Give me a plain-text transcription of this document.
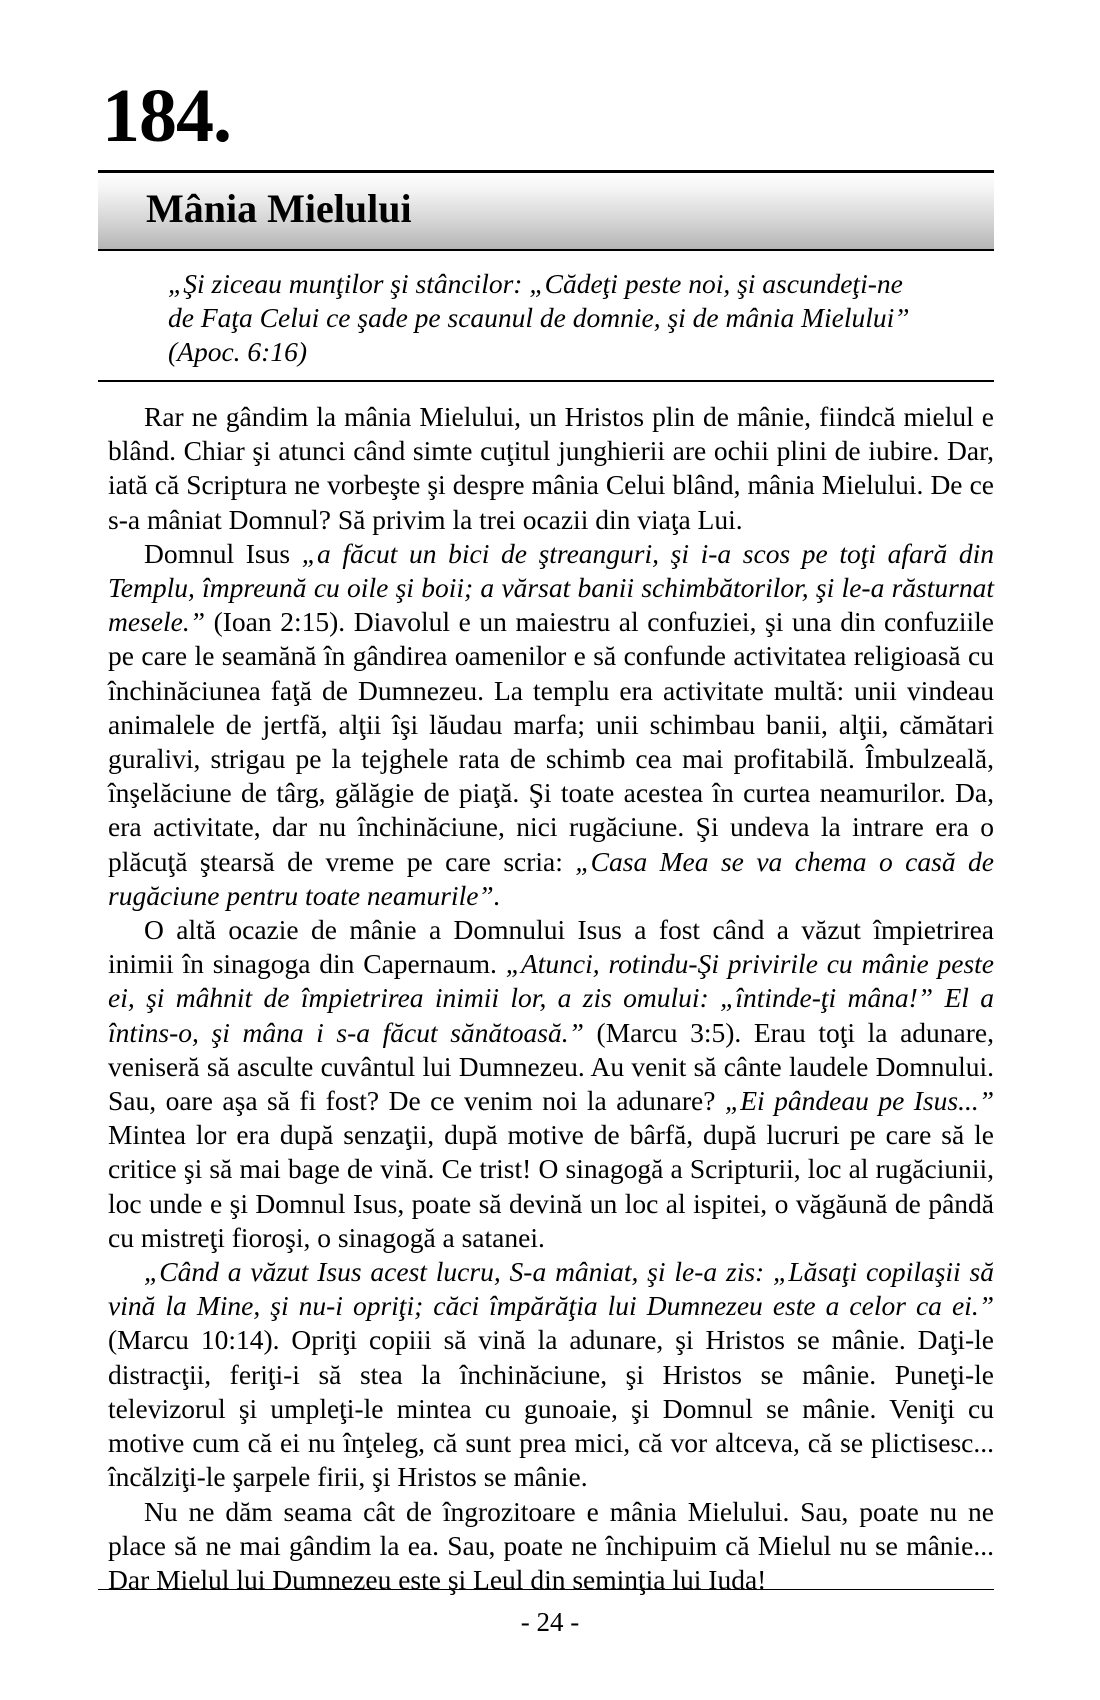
184.
Mânia Mielului
„Şi ziceau munţilor şi stâncilor: „Cădeţi peste noi, şi ascundeţi-ne de Faţa Celui ce şade pe scaunul de domnie, şi de mânia Mielului” (Apoc. 6:16)

Rar ne gândim la mânia Mielului, un Hristos plin de mânie, fiindcă mielul e blând. Chiar şi atunci când simte cuţitul junghierii are ochii plini de iubire. Dar, iată că Scriptura ne vorbeşte şi despre mânia Celui blând, mânia Mielului. De ce s-a mâniat Domnul? Să privim la trei ocazii din viaţa Lui.

Domnul Isus „a făcut un bici de ştreanguri, şi i-a scos pe toţi afară din Templu, împreună cu oile şi boii; a vărsat banii schimbătorilor, şi le-a răsturnat mesele.” (Ioan 2:15). Diavolul e un maiestru al confuziei, şi una din confuziile pe care le seamănă în gândirea oamenilor e să confunde activitatea religioasă cu închinăciunea faţă de Dumnezeu. La templu era activitate multă: unii vindeau animalele de jertfă, alţii îşi lăudau marfa; unii schimbau banii, alţii, cămătari guralivi, strigau pe la tejghele rata de schimb cea mai profitabilă. Îmbulzeală, înşelăciune de târg, gălăgie de piaţă. Şi toate acestea în curtea neamurilor. Da, era activitate, dar nu închinăciune, nici rugăciune. Şi undeva la intrare era o plăcuţă ştearsă de vreme pe care scria: „Casa Mea se va chema o casă de rugăciune pentru toate neamurile”.

O altă ocazie de mânie a Domnului Isus a fost când a văzut împietrirea inimii în sinagoga din Capernaum. „Atunci, rotindu-Şi privirile cu mânie peste ei, şi mâhnit de împietrirea inimii lor, a zis omului: „întinde-ţi mâna!” El a întins-o, şi mâna i s-a făcut sănătoasă.” (Marcu 3:5). Erau toţi la adunare, veniseră să asculte cuvântul lui Dumnezeu. Au venit să cânte laudele Domnului. Sau, oare aşa să fi fost? De ce venim noi la adunare? „Ei pândeau pe Isus...” Mintea lor era după senzaţii, după motive de bârfă, după lucruri pe care să le critice şi să mai bage de vină. Ce trist! O sinagogă a Scripturii, loc al rugăciunii, loc unde e şi Domnul Isus, poate să devină un loc al ispitei, o văgăună de pândă cu mistreţi fioroşi, o sinagogă a satanei.

„Când a văzut Isus acest lucru, S-a mâniat, şi le-a zis: „Lăsaţi copilaşii să vină la Mine, şi nu-i opriţi; căci împărăţia lui Dumnezeu este a celor ca ei.” (Marcu 10:14). Opriţi copiii să vină la adunare, şi Hristos se mânie. Daţi-le distracţii, feriţi-i să stea la închinăciune, şi Hristos se mânie. Puneţi-le televizorul şi umpleţi-le mintea cu gunoaie, şi Domnul se mânie. Veniţi cu motive cum că ei nu înţeleg, că sunt prea mici, că vor altceva, că se plictisesc... încălziţi-le şarpele firii, şi Hristos se mânie.

Nu ne dăm seama cât de îngrozitoare e mânia Mielului. Sau, poate nu ne place să ne mai gândim la ea. Sau, poate ne închipuim că Mielul nu se mânie... Dar Mielul lui Dumnezeu este şi Leul din seminţia lui Iuda!

- 24 -
